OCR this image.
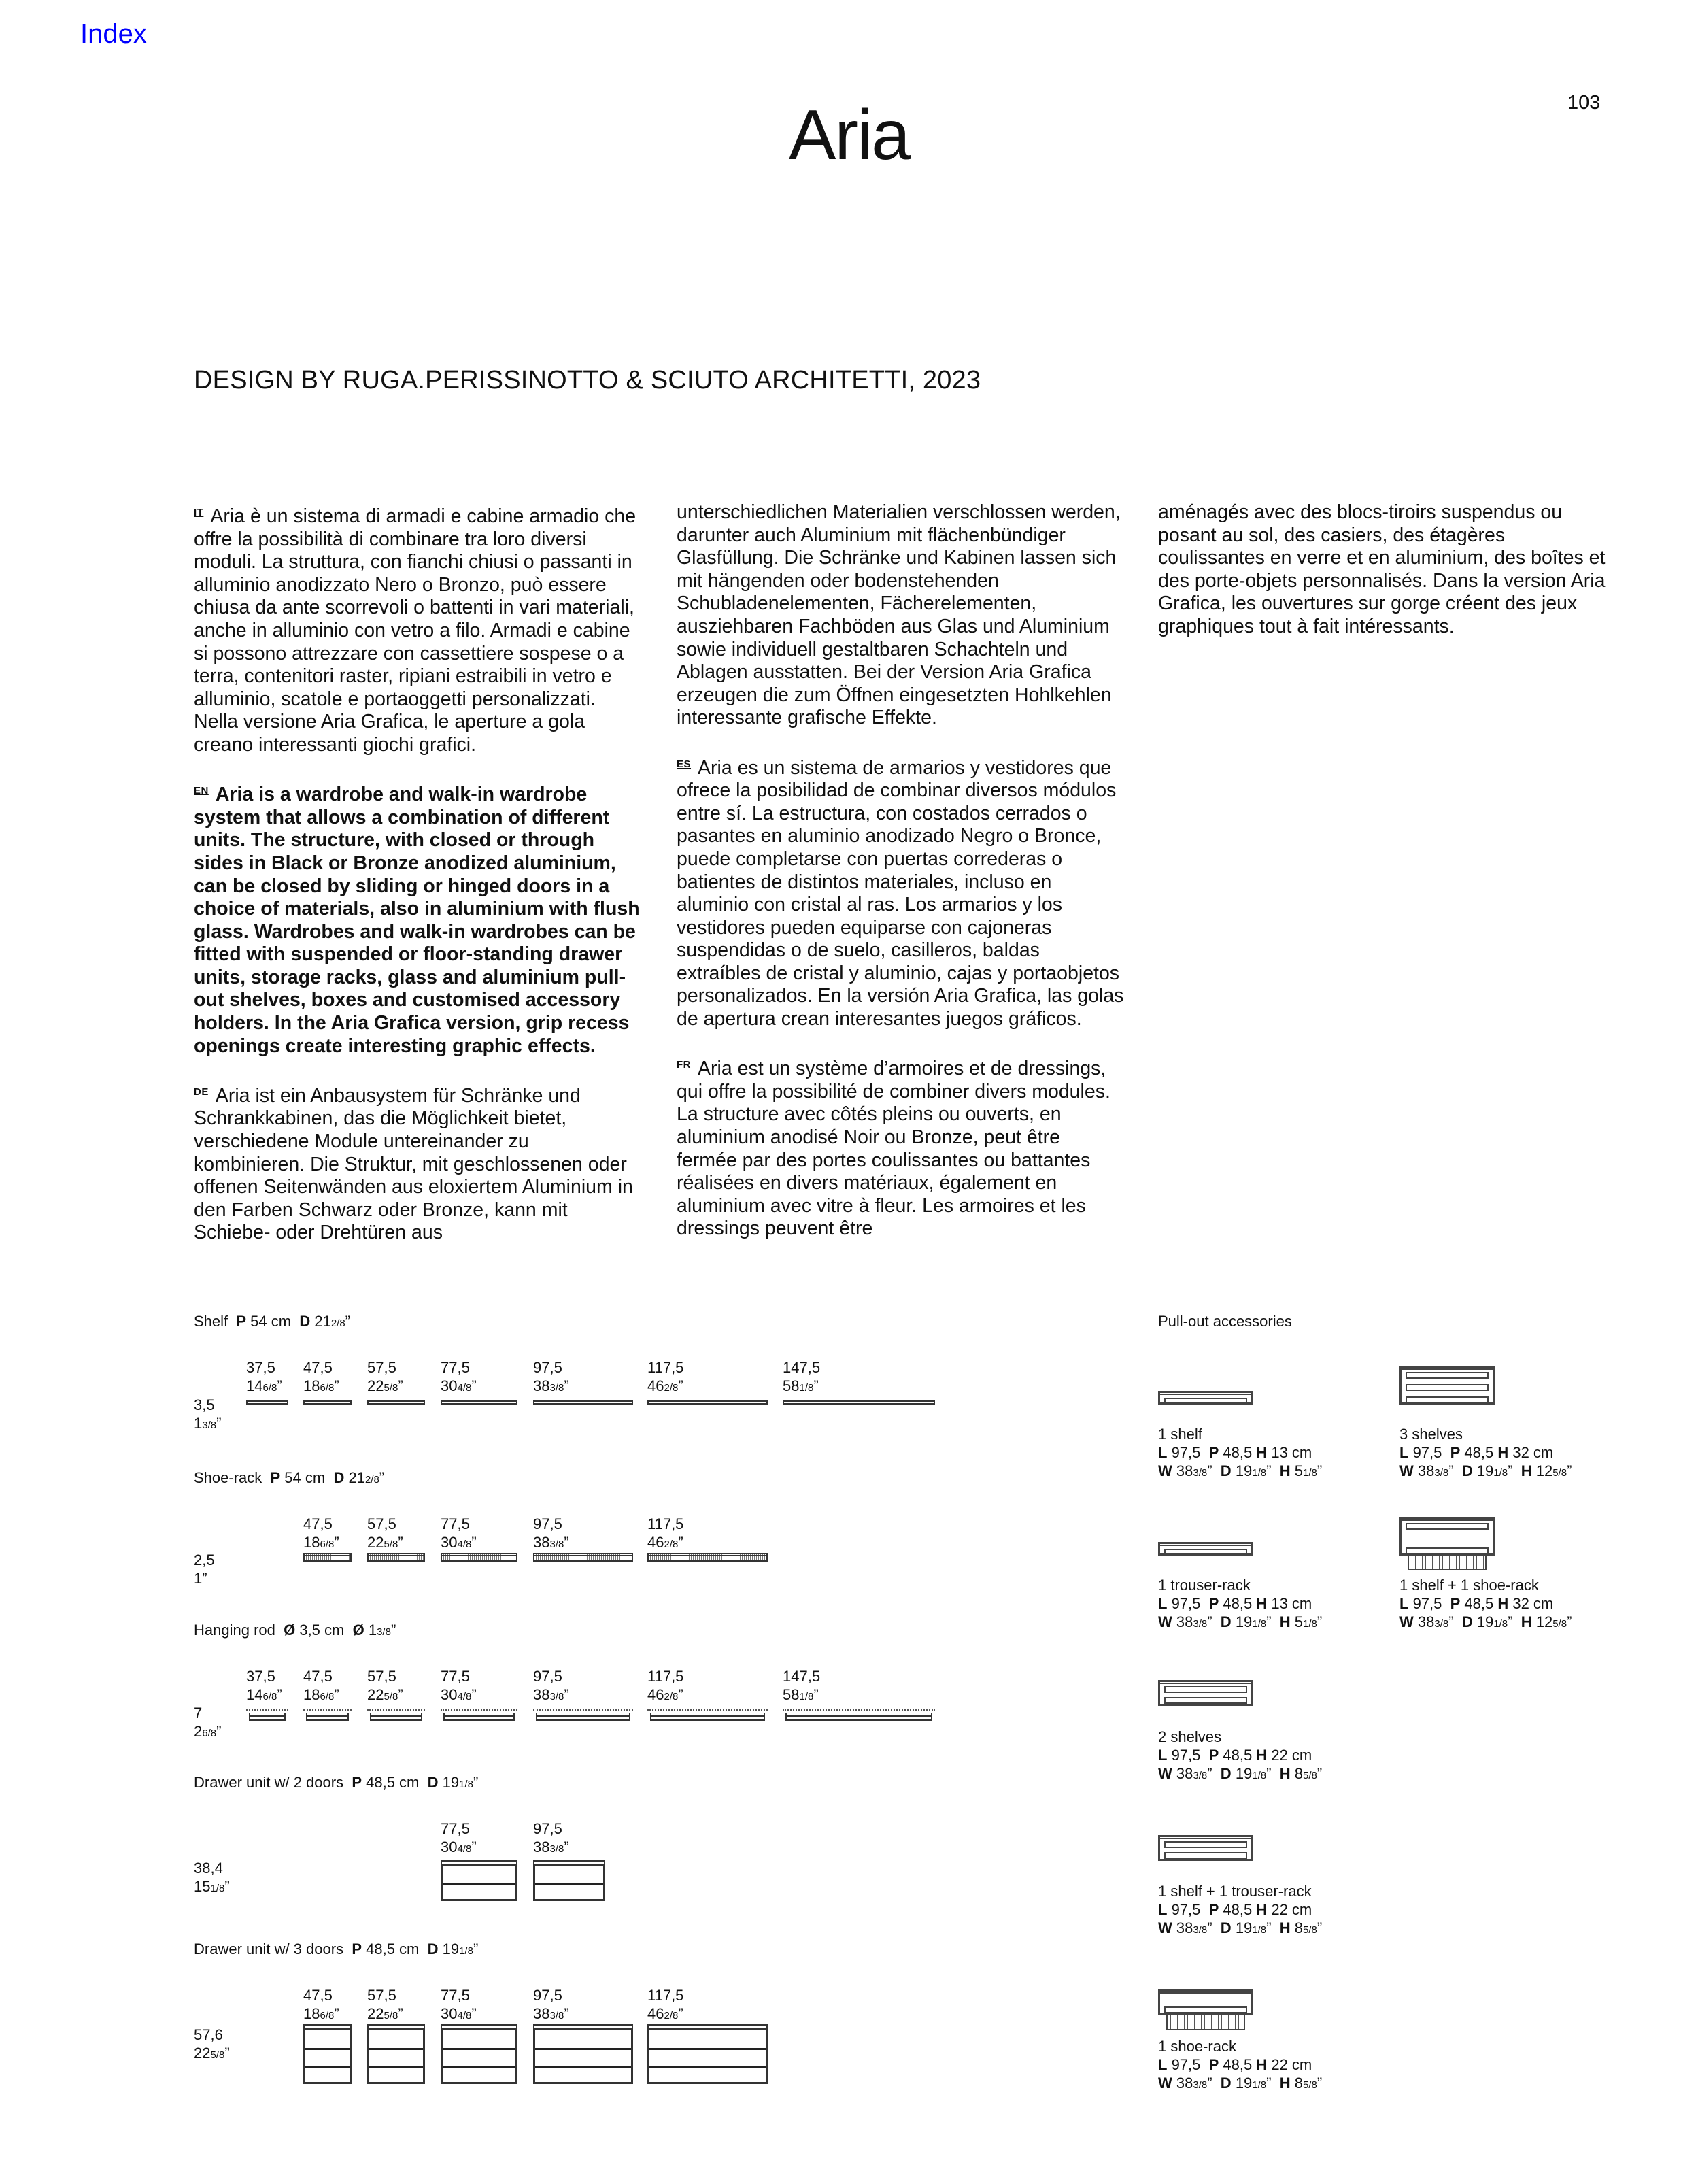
Index
Aria	103
DESIGN BY RUGA.PERISSINOTTO & SCIUTO ARCHITETTI, 2023

$^{IT}$ Aria è un sistema di armadi e cabine armadio che offre la possibilità di combinare tra loro diversi moduli. La struttura, con fianchi chiusi o passanti in alluminio anodizzato Nero o Bronzo, può essere chiusa da ante scorrevoli o battenti in vari materiali, anche in alluminio con vetro a filo. Armadi e cabine si possono attrezzare con cassettiere sospese o a terra, contenitori raster, ripiani estraibili in vetro e alluminio, scatole e portaoggetti personalizzati. Nella versione Aria Grafica, le aperture a gola creano interessanti giochi grafici.

$^{EN}$ Aria is a wardrobe and walk-in wardrobe system that allows a combination of different units. The structure, with closed or through sides in Black or Bronze anodized aluminium, can be closed by sliding or hinged doors in a choice of materials, also in aluminium with flush glass. Wardrobes and walk-in wardrobes can be fitted with suspended or floor-standing drawer units, storage racks, glass and aluminium pull-out shelves, boxes and customised accessory holders. In the Aria Grafica version, grip recess openings create interesting graphic effects.

$^{DE}$ Aria ist ein Anbausystem für Schränke und Schrankkabinen, das die Möglichkeit bietet, verschiedene Module untereinander zu kombinieren. Die Struktur, mit geschlossenen oder offenen Seitenwänden aus eloxiertem Aluminium in den Farben Schwarz oder Bronze, kann mit Schiebe- oder Drehtüren aus

unterschiedlichen Materialien verschlossen werden, darunter auch Aluminium mit flächenbündiger Glasfüllung. Die Schränke und Kabinen lassen sich mit hängenden oder bodenstehenden Schubladenelementen, Fächerelementen, ausziehbaren Fachböden aus Glas und Aluminium sowie individuell gestaltbaren Schachteln und Ablagen ausstatten. Bei der Version Aria Grafica erzeugen die zum Öffnen eingesetzten Hohlkehlen interessante grafische Effekte.

$^{ES}$ Aria es un sistema de armarios y vestidores que ofrece la posibilidad de combinar diversos módulos entre sí. La estructura, con costados cerrados o pasantes en aluminio anodizado Negro o Bronce, puede completarse con puertas correderas o batientes de distintos materiales, incluso en aluminio con cristal al ras. Los armarios y los vestidores pueden equiparse con cajoneras suspendidas o de suelo, casilleros, baldas extraíbles de cristal y aluminio, cajas y portaobjetos personalizados. En la versión Aria Grafica, las golas de apertura crean interesantes juegos gráficos.

$^{FR}$ Aria est un système d’armoires et de dressings, qui offre la possibilité de combiner divers modules. La structure avec côtés pleins ou ouverts, en aluminium anodisé Noir ou Bronze, peut être fermée par des portes coulissantes ou battantes réalisées en divers matériaux, également en aluminium avec vitre à fleur. Les armoires et les dressings peuvent être

aménagés avec des blocs-tiroirs suspendus ou posant au sol, des casiers, des étagères coulissantes en verre et en aluminium, des boîtes et des porte-objets personnalisés. Dans la version Aria Grafica, les ouvertures sur gorge créent des jeux graphiques tout à fait intéressants.

Shelf  P 54 cm  D 212/8”
3,5
13/8”
37,5
146/8”
47,5
186/8”
57,5
225/8”
77,5
304/8”
97,5
383/8”
117,5
462/8”
147,5
581/8”
Shoe-rack  P 54 cm  D 212/8”
2,5
1”
47,5
186/8”
57,5
225/8”
77,5
304/8”
97,5
383/8”
117,5
462/8”
Hanging rod  Ø 3,5 cm  Ø 13/8”
7
26/8”
37,5
146/8”
47,5
186/8”
57,5
225/8”
77,5
304/8”
97,5
383/8”
117,5
462/8”
147,5
581/8”
Drawer unit w/ 2 doors  P 48,5 cm  D 191/8”
38,4
151/8”
77,5
304/8”
97,5
383/8”
Drawer unit w/ 3 doors  P 48,5 cm  D 191/8”
57,6
225/8”
47,5
186/8”
57,5
225/8”
77,5
304/8”
97,5
383/8”
117,5
462/8”
Pull-out accessories
1 shelf
L 97,5  P 48,5 H 13 cm
W 383/8” D 191/8” H 51/8”
3 shelves
L 97,5  P 48,5 H 32 cm
W 383/8” D 191/8” H 125/8”
1 trouser-rack
L 97,5  P 48,5 H 13 cm
W 383/8” D 191/8” H 51/8”
1 shelf + 1 shoe-rack
L 97,5  P 48,5 H 32 cm
W 383/8” D 191/8” H 125/8”
2 shelves
L 97,5  P 48,5 H 22 cm
W 383/8” D 191/8” H 85/8”
1 shelf + 1 trouser-rack
L 97,5  P 48,5 H 22 cm
W 383/8” D 191/8” H 85/8”
1 shoe-rack
L 97,5  P 48,5 H 22 cm
W 383/8” D 191/8” H 85/8”
